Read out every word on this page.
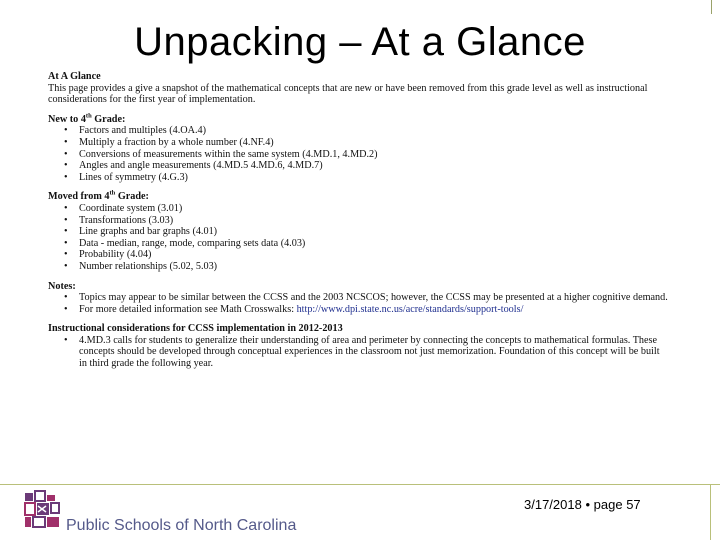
Unpacking – At a Glance
At A Glance

This page provides a give a snapshot of the mathematical concepts that are new or have been removed from this grade level as well as instructional considerations for the first year of implementation.

New to 4th Grade:
• Factors and multiples (4.OA.4)
• Multiply a fraction by a whole number (4.NF.4)
• Conversions of measurements within the same system (4.MD.1, 4.MD.2)
• Angles and angle measurements (4.MD.5 4.MD.6, 4.MD.7)
• Lines of symmetry (4.G.3)
Moved from 4th Grade:
• Coordinate system (3.01)
• Transformations (3.03)
• Line graphs and bar graphs (4.01)
• Data - median, range, mode, comparing sets data (4.03)
• Probability (4.04)
• Number relationships (5.02, 5.03)
Notes:
• Topics may appear to be similar between the CCSS and the 2003 NCSCOS; however, the CCSS may be presented at a higher cognitive demand.
• For more detailed information see Math Crosswalks: http://www.dpi.state.nc.us/acre/standards/support-tools/
Instructional considerations for CCSS implementation in 2012-2013
• 4.MD.3 calls for students to generalize their understanding of area and perimeter by connecting the concepts to mathematical formulas. These concepts should be developed through conceptual experiences in the classroom not just memorization. Foundation of this concept will be built in third grade the following year.
Public Schools of North Carolina
3/17/2018 • page 57
